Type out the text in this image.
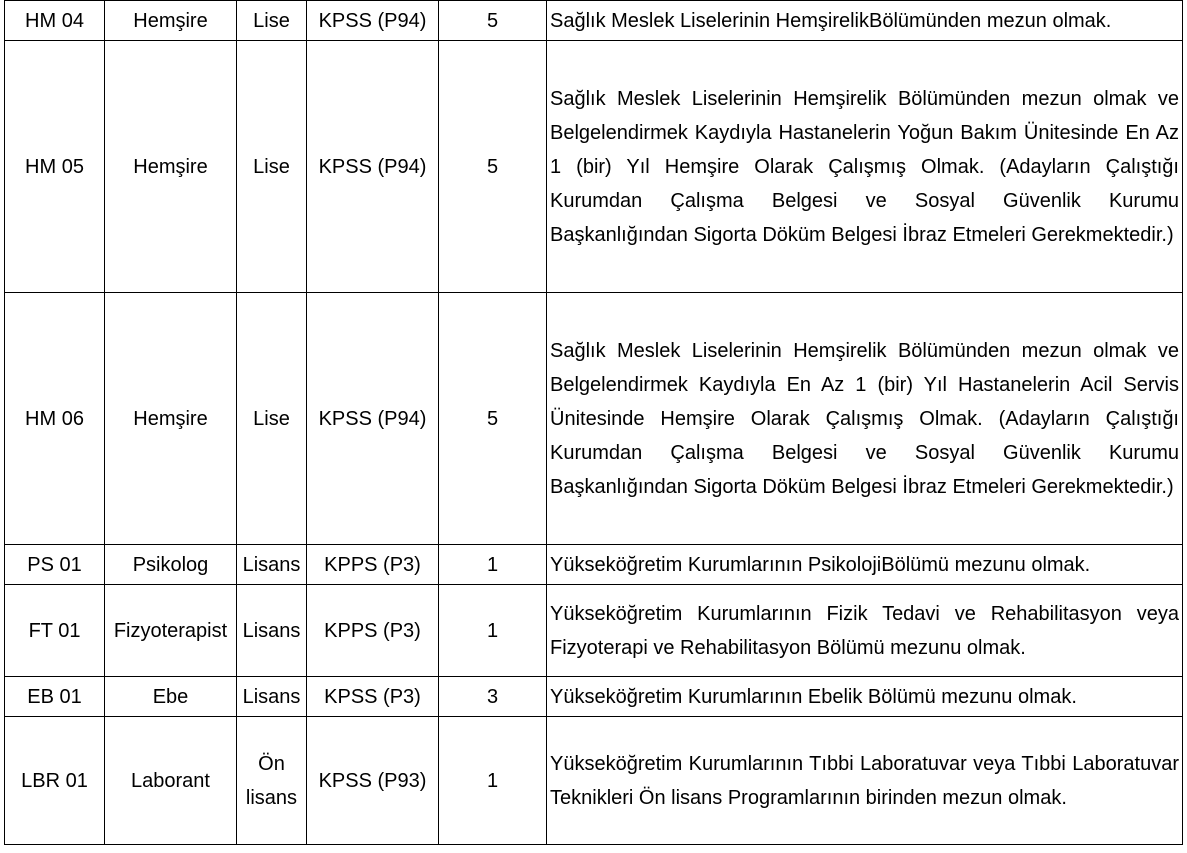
HM 04	Hemşire	Lise	KPSS (P94)	5	Sağlık Meslek Liselerinin HemşirelikBölümünden mezun olmak.
HM 05	Hemşire	Lise	KPSS (P94)	5	Sağlık Meslek Liselerinin Hemşirelik Bölümünden mezun olmak ve Belgelendirmek Kaydıyla Hastanelerin Yoğun Bakım Ünitesinde En Az 1 (bir) Yıl Hemşire Olarak Çalışmış Olmak. (Adayların Çalıştığı Kurumdan Çalışma Belgesi ve Sosyal Güvenlik Kurumu Başkanlığından Sigorta Döküm Belgesi İbraz Etmeleri Gerekmektedir.)
HM 06	Hemşire	Lise	KPSS (P94)	5	Sağlık Meslek Liselerinin Hemşirelik Bölümünden mezun olmak ve Belgelendirmek Kaydıyla En Az 1 (bir) Yıl Hastanelerin Acil Servis Ünitesinde Hemşire Olarak Çalışmış Olmak. (Adayların Çalıştığı Kurumdan Çalışma Belgesi ve Sosyal Güvenlik Kurumu Başkanlığından Sigorta Döküm Belgesi İbraz Etmeleri Gerekmektedir.)
PS 01	Psikolog	Lisans	KPPS (P3)	1	Yükseköğretim Kurumlarının PsikolojiBölümü mezunu olmak.
FT 01	Fizyoterapist	Lisans	KPPS (P3)	1	Yükseköğretim Kurumlarının Fizik Tedavi ve Rehabilitasyon veya Fizyoterapi ve Rehabilitasyon Bölümü mezunu olmak.
EB 01	Ebe	Lisans	KPSS (P3)	3	Yükseköğretim Kurumlarının Ebelik Bölümü mezunu olmak.
LBR 01	Laborant	Ön lisans	KPSS (P93)	1	Yükseköğretim Kurumlarının Tıbbi Laboratuvar veya Tıbbi Laboratuvar Teknikleri Ön lisans Programlarının birinden mezun olmak.
